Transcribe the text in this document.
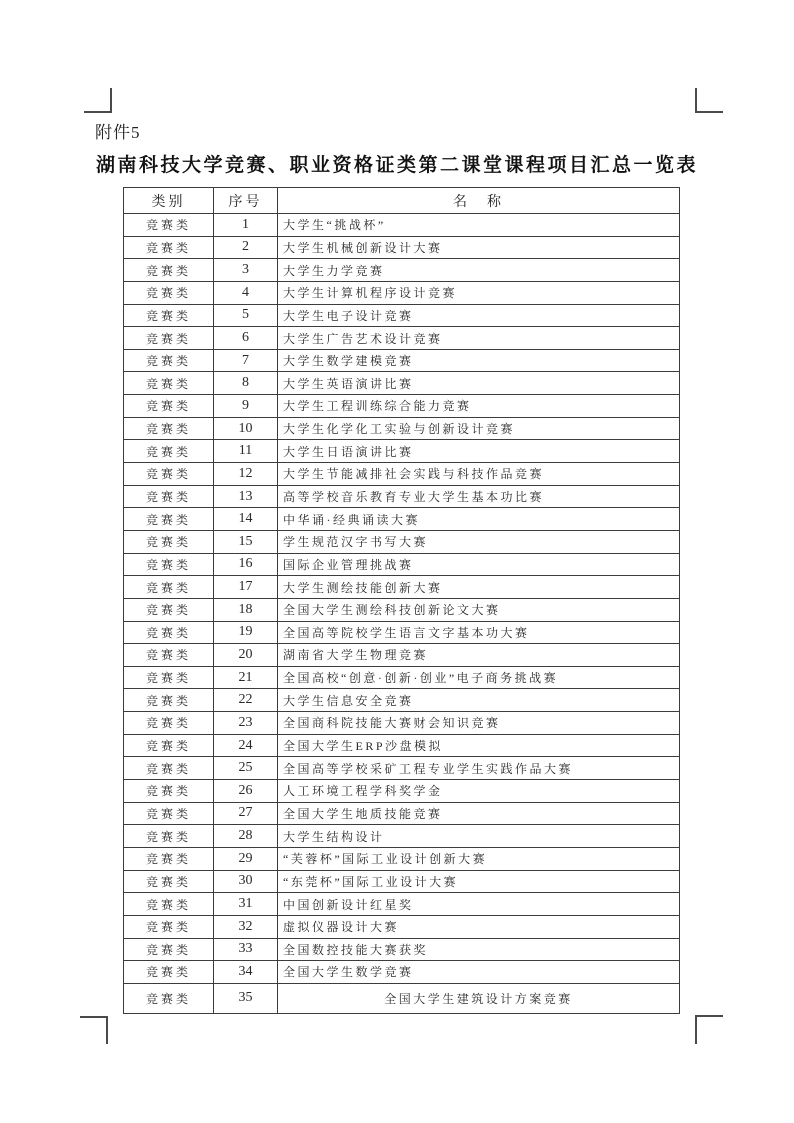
附件5
湖南科技大学竞赛、职业资格证类第二课堂课程项目汇总一览表
类别	序号	名　称
竞赛类	1	大学生“挑战杯”
竞赛类	2	大学生机械创新设计大赛
竞赛类	3	大学生力学竞赛
竞赛类	4	大学生计算机程序设计竞赛
竞赛类	5	大学生电子设计竞赛
竞赛类	6	大学生广告艺术设计竞赛
竞赛类	7	大学生数学建模竞赛
竞赛类	8	大学生英语演讲比赛
竞赛类	9	大学生工程训练综合能力竞赛
竞赛类	10	大学生化学化工实验与创新设计竞赛
竞赛类	11	大学生日语演讲比赛
竞赛类	12	大学生节能减排社会实践与科技作品竞赛
竞赛类	13	高等学校音乐教育专业大学生基本功比赛
竞赛类	14	中华诵·经典诵读大赛
竞赛类	15	学生规范汉字书写大赛
竞赛类	16	国际企业管理挑战赛
竞赛类	17	大学生测绘技能创新大赛
竞赛类	18	全国大学生测绘科技创新论文大赛
竞赛类	19	全国高等院校学生语言文字基本功大赛
竞赛类	20	湖南省大学生物理竞赛
竞赛类	21	全国高校“创意·创新·创业”电子商务挑战赛
竞赛类	22	大学生信息安全竞赛
竞赛类	23	全国商科院技能大赛财会知识竞赛
竞赛类	24	全国大学生ERP沙盘模拟
竞赛类	25	全国高等学校采矿工程专业学生实践作品大赛
竞赛类	26	人工环境工程学科奖学金
竞赛类	27	全国大学生地质技能竞赛
竞赛类	28	大学生结构设计
竞赛类	29	“芙蓉杯”国际工业设计创新大赛
竞赛类	30	“东莞杯”国际工业设计大赛
竞赛类	31	中国创新设计红星奖
竞赛类	32	虚拟仪器设计大赛
竞赛类	33	全国数控技能大赛获奖
竞赛类	34	全国大学生数学竞赛
竞赛类	35	全国大学生建筑设计方案竞赛
